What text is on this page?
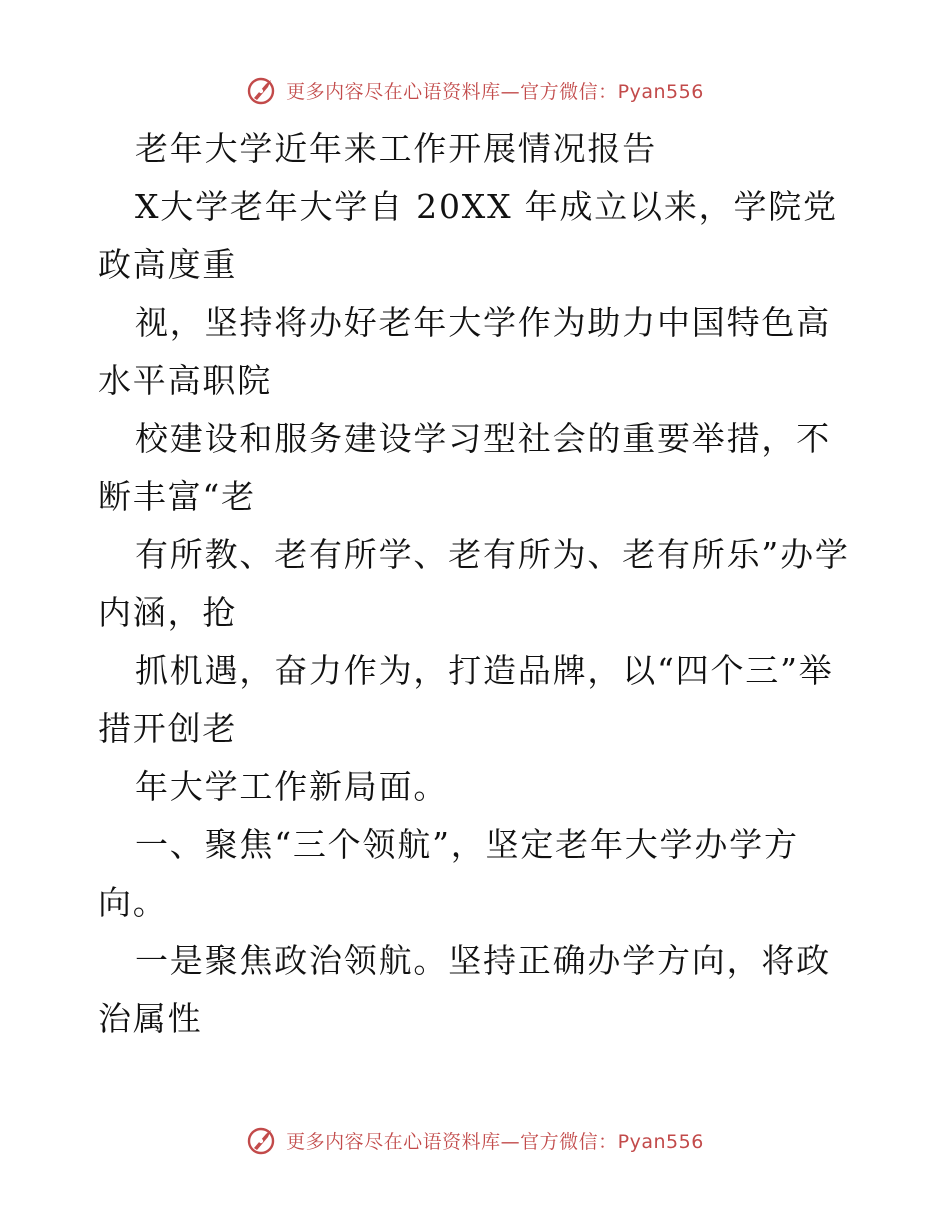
更多内容尽在心语资料库—官方微信：Pyan556

老年大学近年来工作开展情况报告

X大学老年大学自 20XX 年成立以来，学院党政高度重

视，坚持将办好老年大学作为助力中国特色高水平高职院

校建设和服务建设学习型社会的重要举措，不断丰富“老

有所教、老有所学、老有所为、老有所乐”办学内涵，抢

抓机遇，奋力作为，打造品牌，以“四个三”举措开创老

年大学工作新局面。

一、聚焦“三个领航”，坚定老年大学办学方向。

一是聚焦政治领航。坚持正确办学方向，将政治属性

更多内容尽在心语资料库—官方微信：Pyan556
